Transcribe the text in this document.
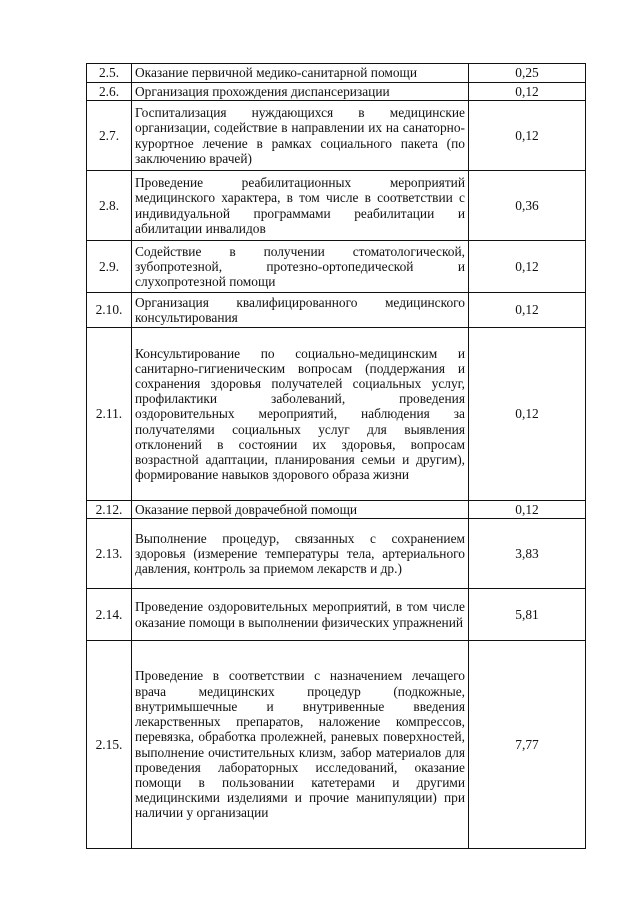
2.5.	Оказание первичной медико-санитарной помощи	0,25
2.6.	Организация прохождения диспансеризации	0,12
2.7.	Госпитализация нуждающихся в медицинские организации, содействие в направлении их на санаторно-курортное лечение в рамках социального пакета (по заключению врачей)	0,12
2.8.	Проведение реабилитационных мероприятий медицинского характера, в том числе в соответствии с индивидуальной программами реабилитации и абилитации инвалидов	0,36
2.9.	Содействие в получении стоматологической, зубопротезной, протезно-ортопедической и слухопротезной помощи	0,12
2.10.	Организация квалифицированного медицинского консультирования	0,12
2.11.	Консультирование по социально-медицинским и санитарно-гигиеническим вопросам (поддержания и сохранения здоровья получателей социальных услуг, профилактики заболеваний, проведения оздоровительных мероприятий, наблюдения за получателями социальных услуг для выявления отклонений в состоянии их здоровья, вопросам возрастной адаптации, планирования семьи и другим), формирование навыков здорового образа жизни	0,12
2.12.	Оказание первой доврачебной помощи	0,12
2.13.	Выполнение процедур, связанных с сохранением здоровья (измерение температуры тела, артериального давления, контроль за приемом лекарств и др.)	3,83
2.14.	Проведение оздоровительных мероприятий, в том числе оказание помощи в выполнении физических упражнений	5,81
2.15.	Проведение в соответствии с назначением лечащего врача медицинских процедур (подкожные, внутримышечные и внутривенные введения лекарственных препаратов, наложение компрессов, перевязка, обработка пролежней, раневых поверхностей, выполнение очистительных клизм, забор материалов для проведения лабораторных исследований, оказание помощи в пользовании катетерами и другими медицинскими изделиями и прочие манипуляции) при наличии у организации	7,77
